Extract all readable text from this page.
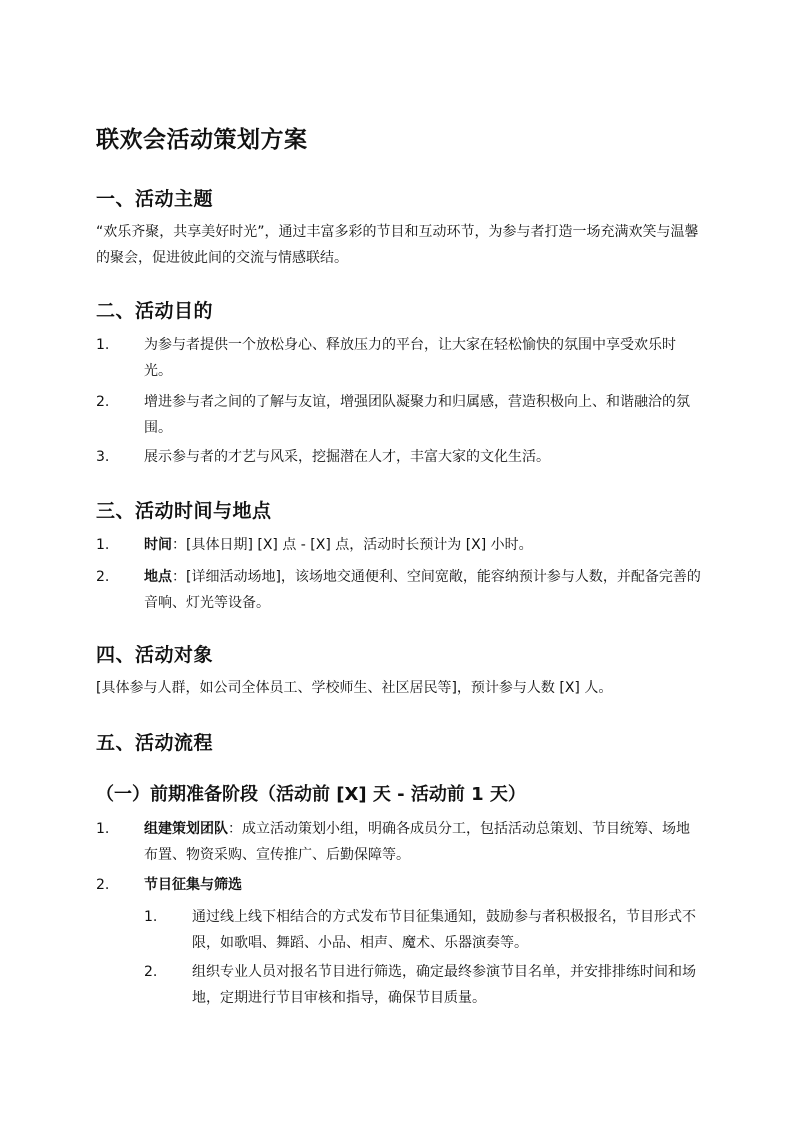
联欢会活动策划方案
一、活动主题

“欢乐齐聚，共享美好时光”，通过丰富多彩的节目和互动环节，为参与者打造一场充满欢笑与温馨的聚会，促进彼此间的交流与情感联结。

二、活动目的
1. 为参与者提供一个放松身心、释放压力的平台，让大家在轻松愉快的氛围中享受欢乐时光。
2. 增进参与者之间的了解与友谊，增强团队凝聚力和归属感，营造积极向上、和谐融洽的氛围。
3. 展示参与者的才艺与风采，挖掘潜在人才，丰富大家的文化生活。
三、活动时间与地点
1. 时间：[具体日期] [X] 点 - [X] 点，活动时长预计为 [X] 小时。
2. 地点：[详细活动场地]，该场地交通便利、空间宽敞，能容纳预计参与人数，并配备完善的音响、灯光等设备。
四、活动对象

[具体参与人群，如公司全体员工、学校师生、社区居民等]，预计参与人数 [X] 人。

五、活动流程
（一）前期准备阶段（活动前 [X] 天 - 活动前 1 天）
1. 组建策划团队：成立活动策划小组，明确各成员分工，包括活动总策划、节目统筹、场地布置、物资采购、宣传推广、后勤保障等。
2. 节目征集与筛选
1. 通过线上线下相结合的方式发布节目征集通知，鼓励参与者积极报名，节目形式不限，如歌唱、舞蹈、小品、相声、魔术、乐器演奏等。
2. 组织专业人员对报名节目进行筛选，确定最终参演节目名单，并安排排练时间和场地，定期进行节目审核和指导，确保节目质量。
